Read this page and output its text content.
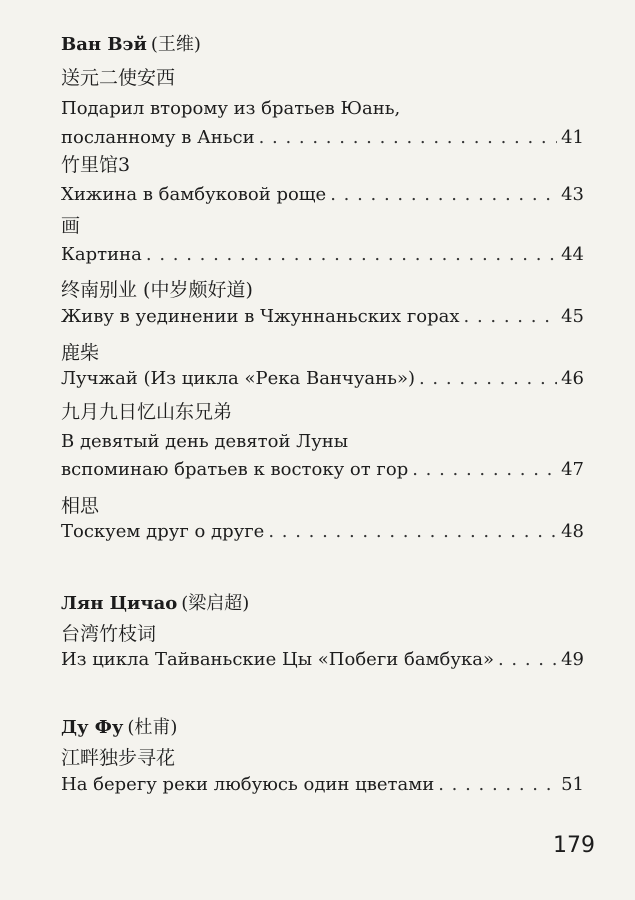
Ван Вэй (王维)
送元二使安西
Подарил второму из братьев Юань,
посланному в Аньси . . .	41
竹里馆3
Хижина в бамбуковой роще . . .	43
画
Картина . . .	44
终南别业 (中岁颇好道)
Живу в уединении в Чжуннаньских горах . . .	45
鹿柴
Лучжай (Из цикла «Река Ванчуань») . . .	46
九月九日忆山东兄弟
В девятый день девятой Луны
вспоминаю братьев к востоку от гор . . .	47
相思
Тоскуем друг о друге . . .	48
Лян Цичао (梁启超)
台湾竹枝词
Из цикла Тайваньские Цы «Побеги бамбука» . . .	49
Ду Фу (杜甫)
江畔独步寻花
На берегу реки любуюсь один цветами . . .	51
179
